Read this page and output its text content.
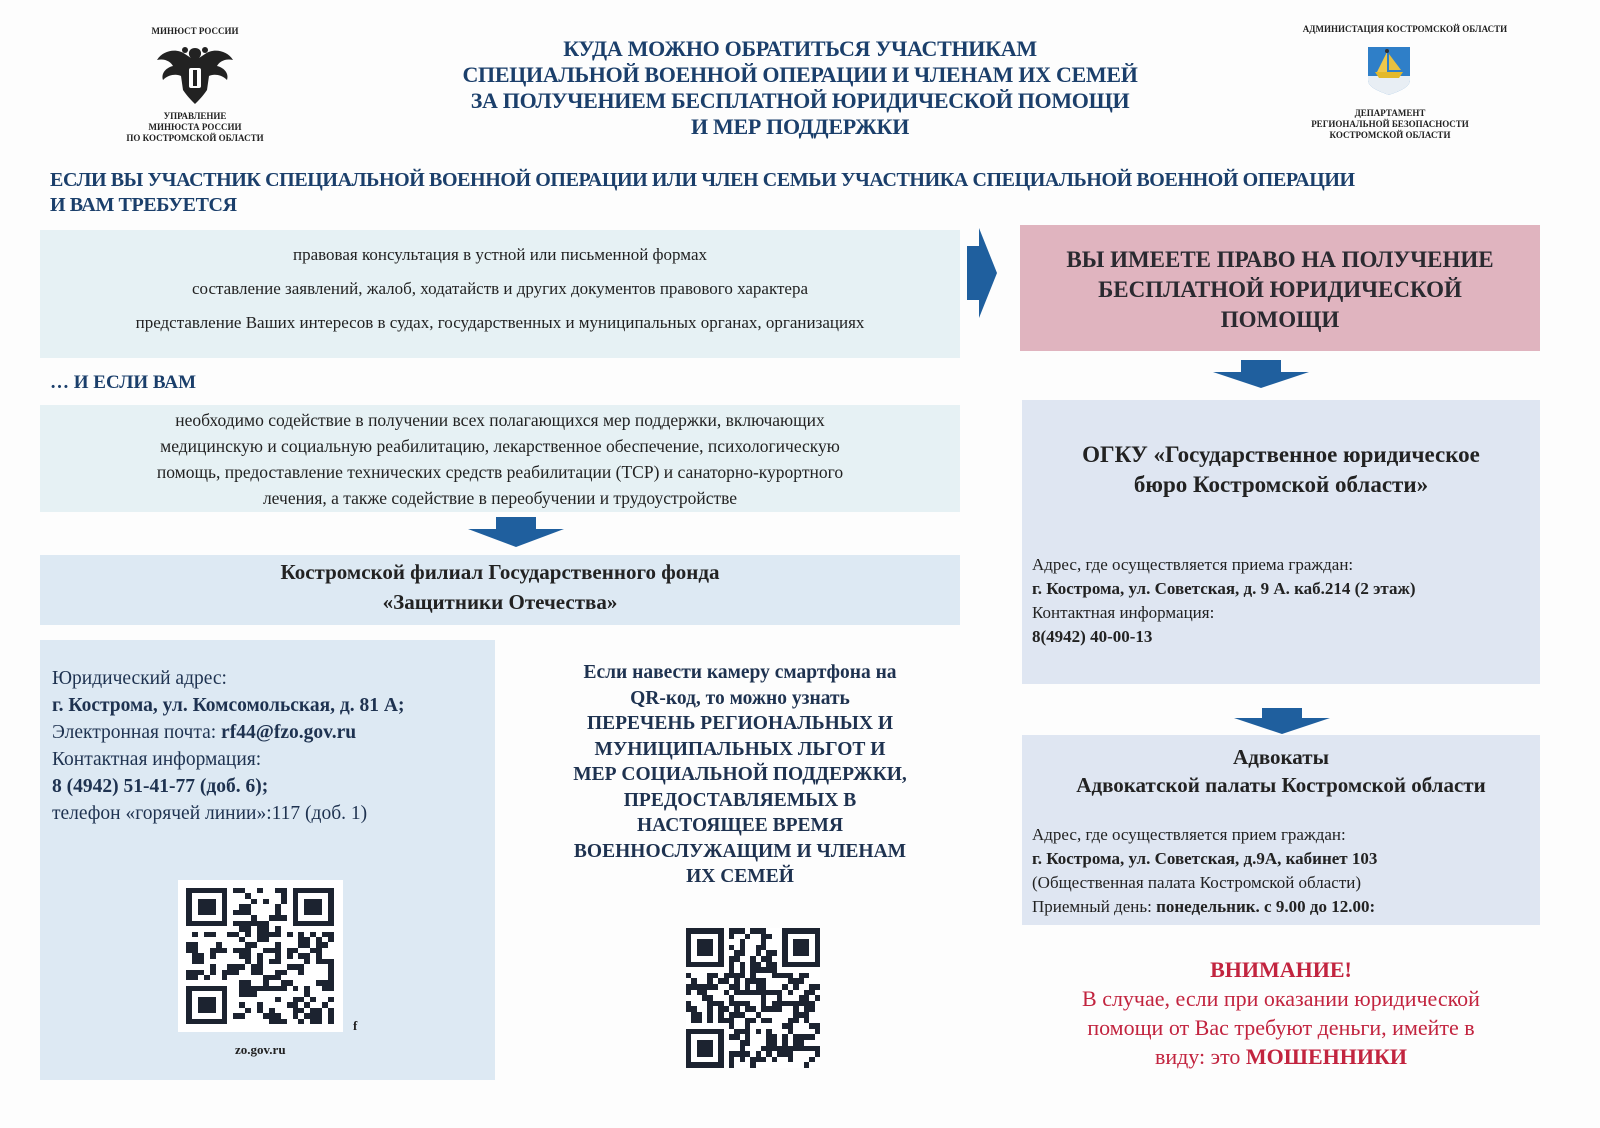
МИНЮСТ РОССИИ
УПРАВЛЕНИЕ
МИНЮСТА РОССИИ
ПО КОСТРОМСКОЙ ОБЛАСТИ
КУДА МОЖНО ОБРАТИТЬСЯ УЧАСТНИКАМ
СПЕЦИАЛЬНОЙ ВОЕННОЙ ОПЕРАЦИИ И ЧЛЕНАМ ИХ СЕМЕЙ
ЗА ПОЛУЧЕНИЕМ БЕСПЛАТНОЙ ЮРИДИЧЕСКОЙ ПОМОЩИ
И МЕР ПОДДЕРЖКИ
АДМИНИСТАЦИЯ КОСТРОМСКОЙ ОБЛАСТИ
ДЕПАРТАМЕНТ
РЕГИОНАЛЬНОЙ БЕЗОПАСНОСТИ
КОСТРОМСКОЙ ОБЛАСТИ
ЕСЛИ ВЫ УЧАСТНИК СПЕЦИАЛЬНОЙ ВОЕННОЙ ОПЕРАЦИИ ИЛИ ЧЛЕН СЕМЬИ УЧАСТНИКА СПЕЦИАЛЬНОЙ ВОЕННОЙ ОПЕРАЦИИ
И ВАМ ТРЕБУЕТСЯ
правовая консультация в устной или письменной формах
составление заявлений, жалоб, ходатайств и других документов правового характера
представление Ваших интересов в судах, государственных и муниципальных органах, организациях
ВЫ ИМЕЕТЕ ПРАВО НА ПОЛУЧЕНИЕ
БЕСПЛАТНОЙ ЮРИДИЧЕСКОЙ
ПОМОЩИ
… И ЕСЛИ ВАМ
необходимо содействие в получении всех полагающихся мер поддержки, включающих
медицинскую и социальную реабилитацию, лекарственное обеспечение, психологическую
помощь, предоставление технических средств реабилитации (ТСР) и санаторно-курортного
лечения, а также содействие в переобучении и трудоустройстве
Костромской филиал Государственного фонда
«Защитники Отечества»
Юридический адрес:
г. Кострома, ул. Комсомольская, д. 81 А;
Электронная почта: rf44@fzo.gov.ru
Контактная информация:
8 (4942) 51-41-77 (доб. 6);
телефон «горячей линии»:117 (доб. 1)
f
zo.gov.ru
Если навести камеру смартфона на
QR-код, то можно узнать
ПЕРЕЧЕНЬ РЕГИОНАЛЬНЫХ И
МУНИЦИПАЛЬНЫХ ЛЬГОТ И
МЕР СОЦИАЛЬНОЙ ПОДДЕРЖКИ,
ПРЕДОСТАВЛЯЕМЫХ В
НАСТОЯЩЕЕ ВРЕМЯ
ВОЕННОСЛУЖАЩИМ И ЧЛЕНАМ
ИХ СЕМЕЙ
ОГКУ «Государственное юридическое
бюро Костромской области»
Адрес, где осуществляется приема граждан:
г. Кострома, ул. Советская, д. 9 А. каб.214 (2 этаж)
Контактная информация:
8(4942) 40-00-13
Адвокаты
Адвокатской палаты Костромской области
Адрес, где осуществляется прием граждан:
г. Кострома, ул. Советская, д.9А, кабинет 103
(Общественная палата Костромской области)
Приемный день: понедельник. с 9.00 до 12.00:
ВНИМАНИЕ!
В случае, если при оказании юридической
помощи от Вас требуют деньги, имейте в
виду: это МОШЕННИКИ
